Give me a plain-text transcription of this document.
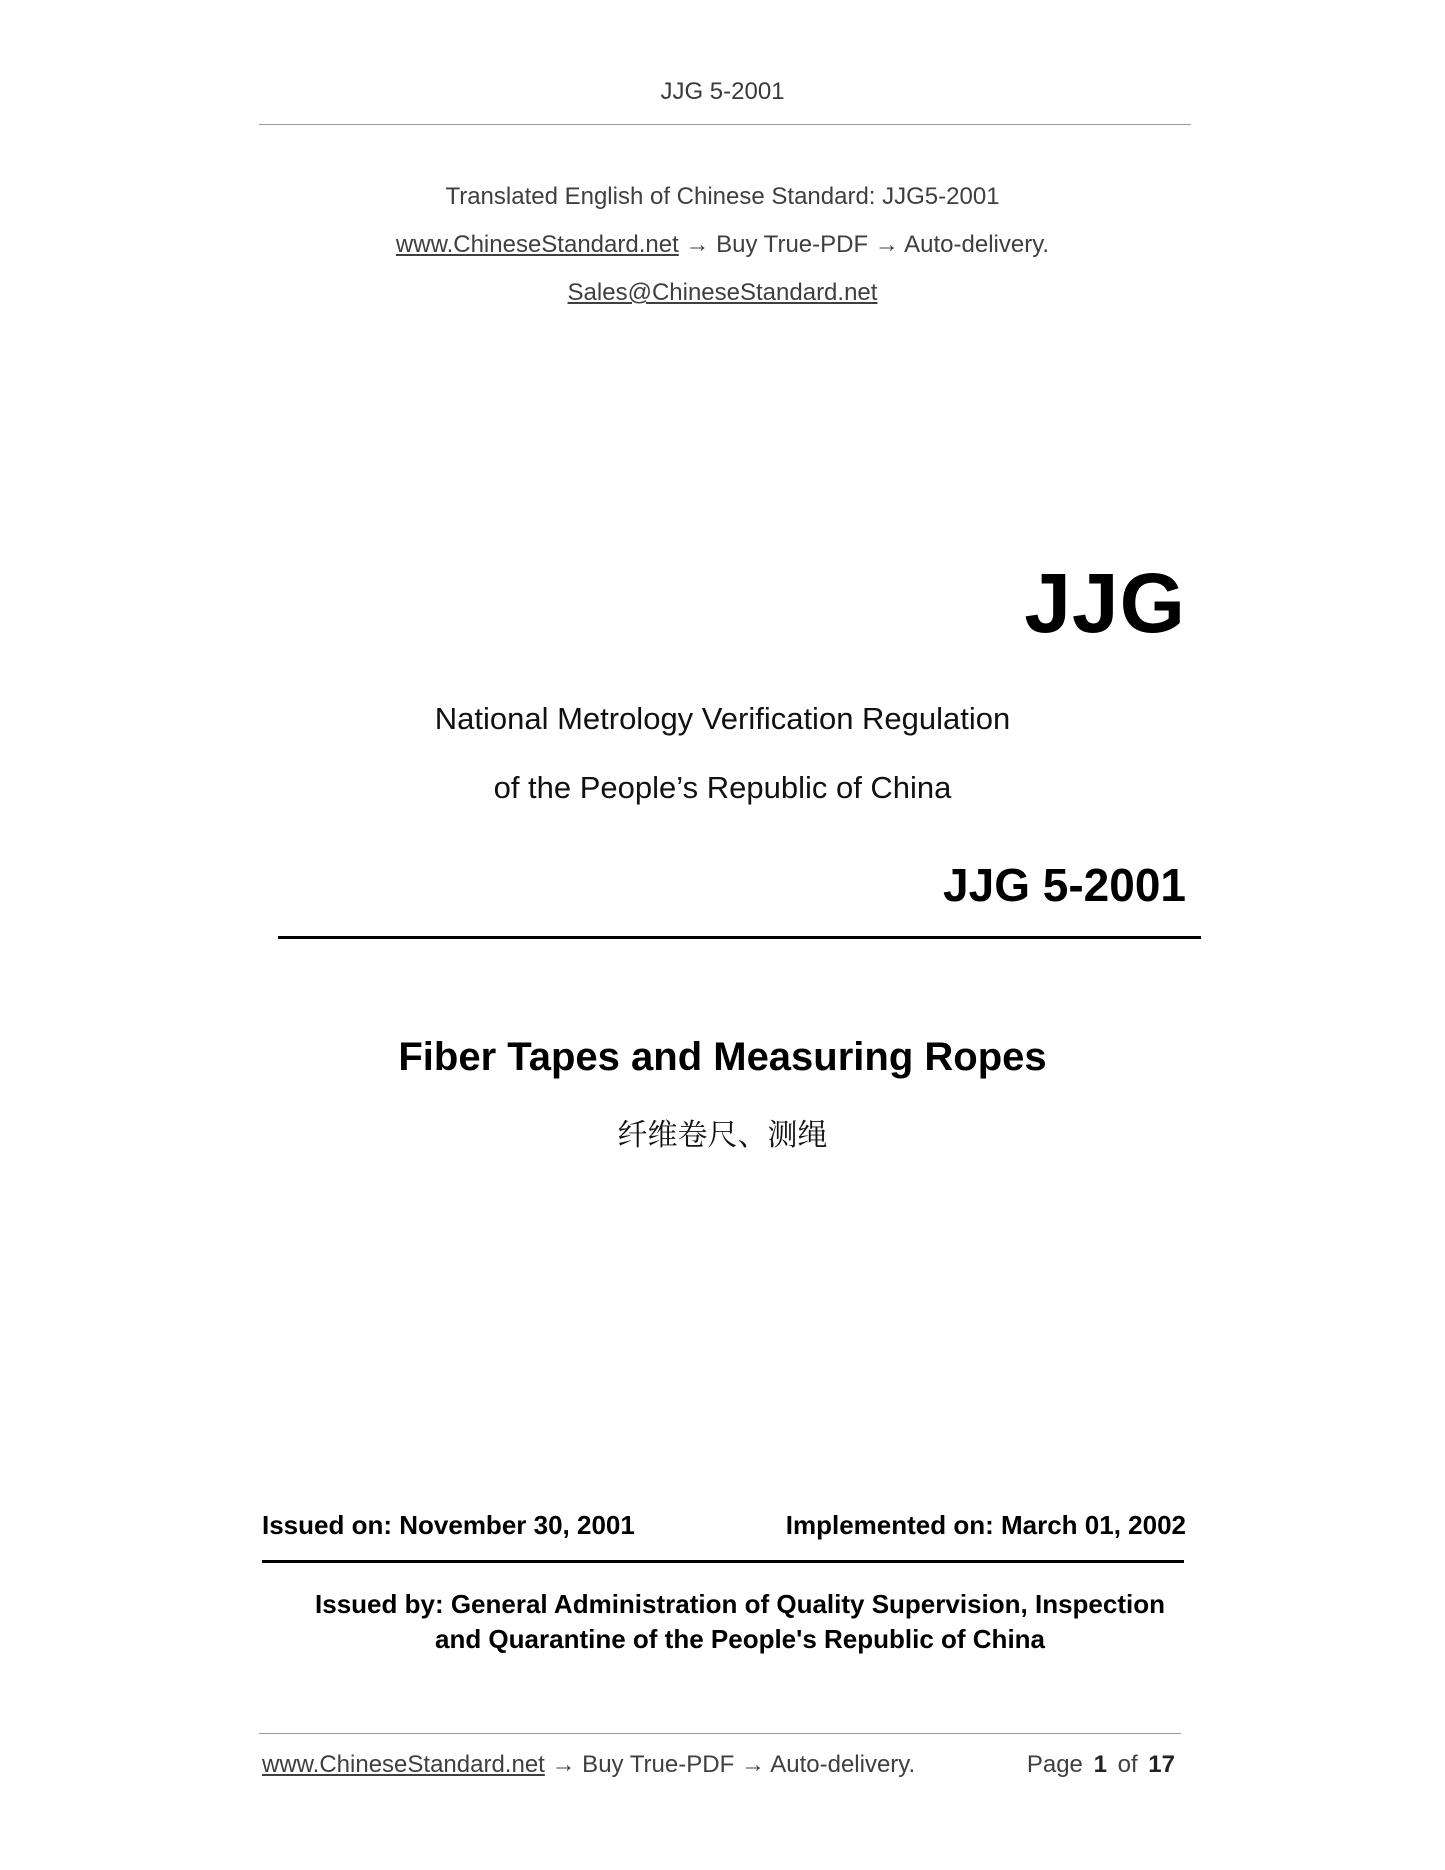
JJG 5-2001
Translated English of Chinese Standard: JJG5-2001
www.ChineseStandard.net → Buy True-PDF → Auto-delivery.
Sales@ChineseStandard.net
JJG
National Metrology Verification Regulation
of the People’s Republic of China
JJG 5-2001
Fiber Tapes and Measuring Ropes
纤维卷尺、测绳
Issued on: November 30, 2001	Implemented on: March 01, 2002
Issued by: General Administration of Quality Supervision, Inspection
and Quarantine of the People's Republic of China
www.ChineseStandard.net → Buy True-PDF → Auto-delivery.	Page 1 of 17
